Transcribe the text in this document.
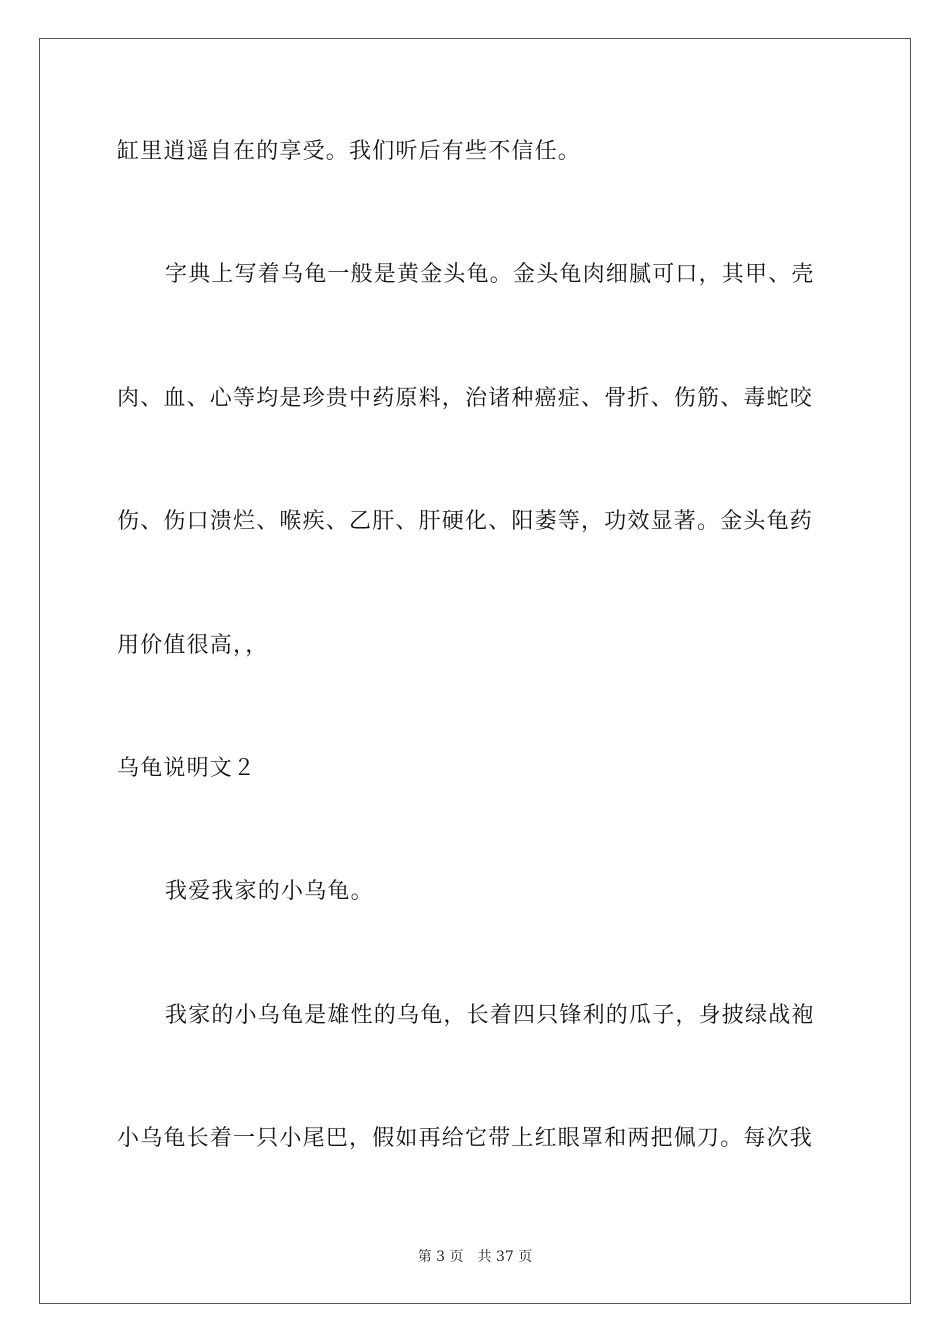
缸里逍遥自在的享受。我们听后有些不信任。
字典上写着乌龟一般是黄金头龟。金头龟肉细腻可口，其甲、壳
肉、血、心等均是珍贵中药原料，治诸种癌症、骨折、伤筋、毒蛇咬
伤、伤口溃烂、喉疾、乙肝、肝硬化、阳萎等，功效显著。金头龟药
用价值很高，，
乌龟说明文２
我爱我家的小乌龟。
我家的小乌龟是雄性的乌龟，长着四只锋利的瓜子，身披绿战袍
小乌龟长着一只小尾巴，假如再给它带上红眼罩和两把佩刀。每次我
第 3 页 共 37 页
